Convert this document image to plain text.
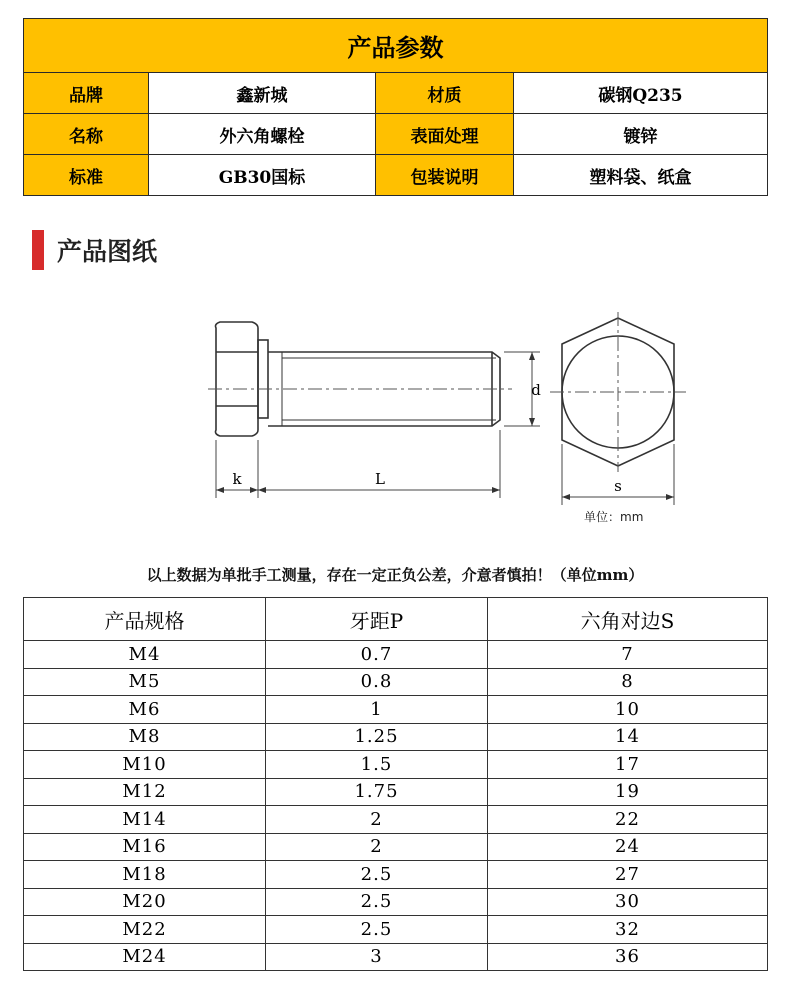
产品参数			
品牌	鑫新城	材质	碳钢Q235
名称	外六角螺栓	表面处理	镀锌
标准	GB30国标	包装说明	塑料袋、纸盒
产品图纸
k	L
d
s
单位：mm
以上数据为单批手工测量，存在一定正负公差，介意者慎拍！（单位mm）
产品规格	牙距P	六角对边S
M4	0.7	7
M5	0.8	8
M6	1	10
M8	1.25	14
M10	1.5	17
M12	1.75	19
M14	2	22
M16	2	24
M18	2.5	27
M20	2.5	30
M22	2.5	32
M24	3	36
